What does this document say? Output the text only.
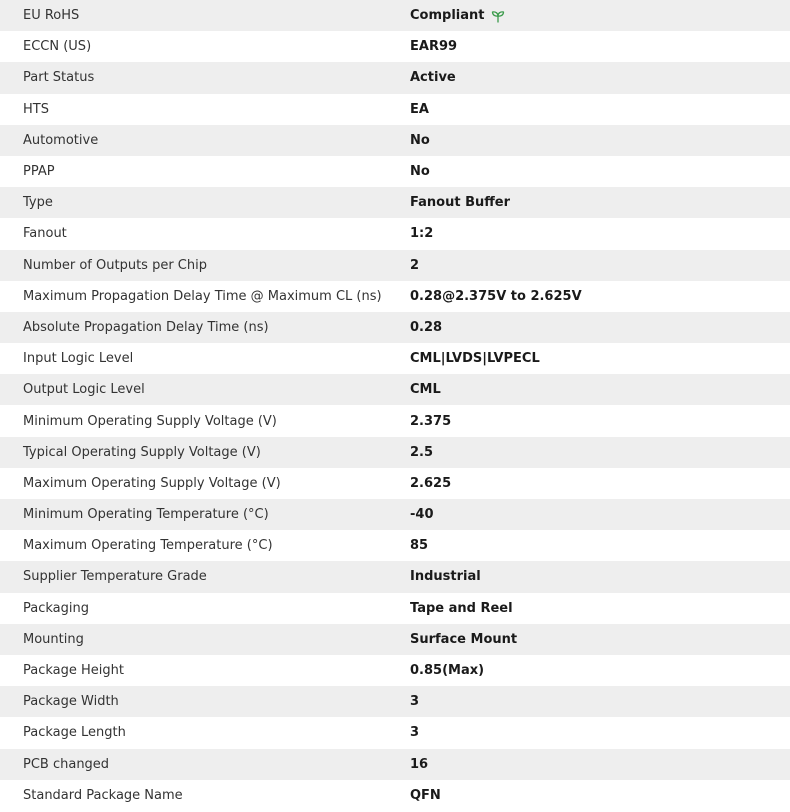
EU RoHS	Compliant

ECCN (US)	EAR99
Part Status	Active
HTS	EA
Automotive	No
PPAP	No
Type	Fanout Buffer
Fanout	1:2
Number of Outputs per Chip	2
Maximum Propagation Delay Time @ Maximum CL (ns)	0.28@2.375V to 2.625V
Absolute Propagation Delay Time (ns)	0.28
Input Logic Level	CML|LVDS|LVPECL
Output Logic Level	CML
Minimum Operating Supply Voltage (V)	2.375
Typical Operating Supply Voltage (V)	2.5
Maximum Operating Supply Voltage (V)	2.625
Minimum Operating Temperature (°C)	-40
Maximum Operating Temperature (°C)	85
Supplier Temperature Grade	Industrial
Packaging	Tape and Reel
Mounting	Surface Mount
Package Height	0.85(Max)
Package Width	3
Package Length	3
PCB changed	16
Standard Package Name	QFN
